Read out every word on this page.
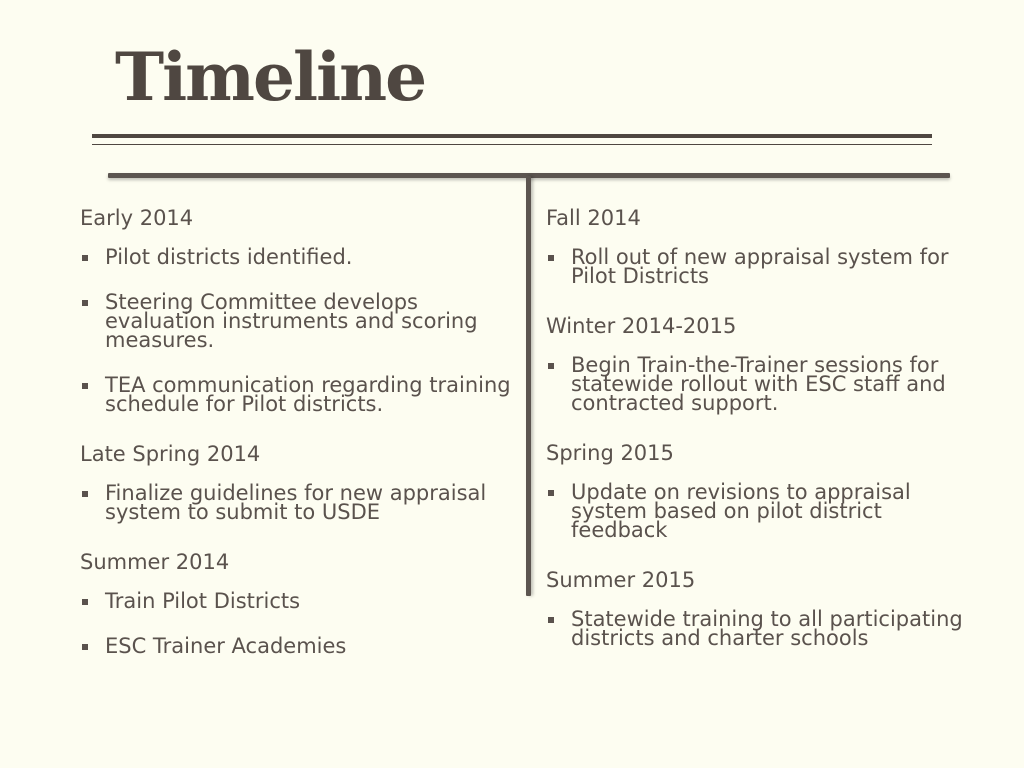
Timeline

Early 2014

Pilot districts identified.
Steering Committee develops evaluation instruments and scoring measures.
TEA communication regarding training schedule for Pilot districts.

Late Spring 2014

Finalize guidelines for new appraisal system to submit to USDE

Summer 2014

Train Pilot Districts
ESC Trainer Academies

Fall 2014

Roll out of new appraisal system for Pilot Districts

Winter 2014-2015

Begin Train-the-Trainer sessions for statewide rollout with ESC staff and contracted support.

Spring 2015

Update on revisions to appraisal system based on pilot district feedback

Summer 2015

Statewide training to all participating districts and charter schools
